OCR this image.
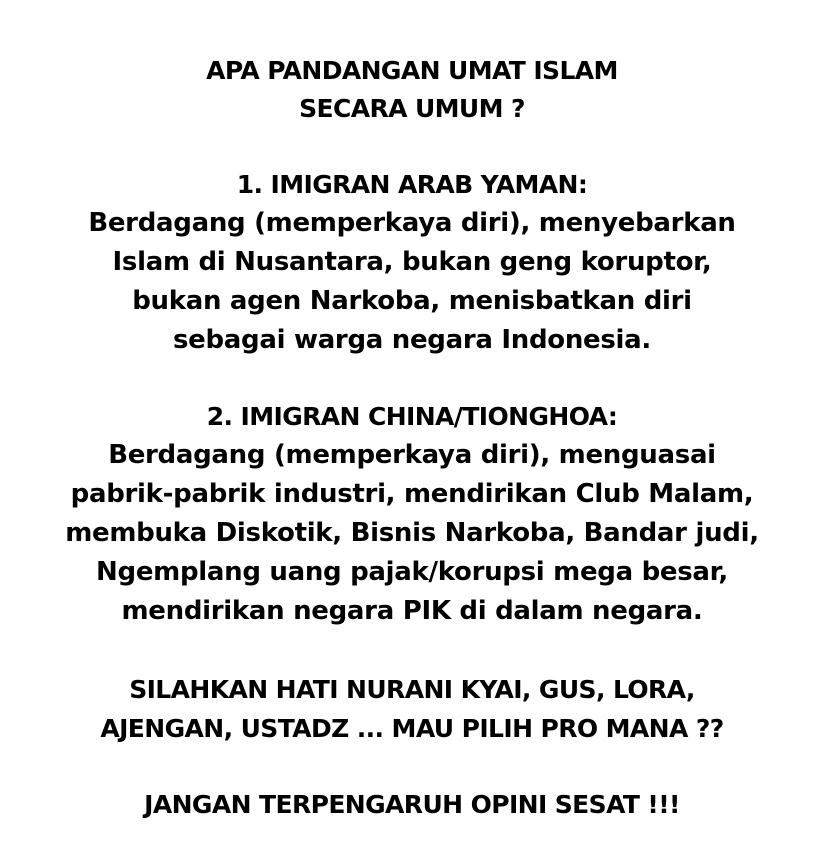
APA PANDANGAN UMAT ISLAM
SECARA UMUM ?
1. IMIGRAN ARAB YAMAN:
Berdagang (memperkaya diri), menyebarkan
Islam di Nusantara, bukan geng koruptor,
bukan agen Narkoba, menisbatkan diri
sebagai warga negara Indonesia.
2. IMIGRAN CHINA/TIONGHOA:
Berdagang (memperkaya diri), menguasai
pabrik-pabrik industri, mendirikan Club Malam,
membuka Diskotik, Bisnis Narkoba, Bandar judi,
Ngemplang uang pajak/korupsi mega besar,
mendirikan negara PIK di dalam negara.
SILAHKAN HATI NURANI KYAI, GUS, LORA,
AJENGAN, USTADZ ... MAU PILIH PRO MANA ??
JANGAN TERPENGARUH OPINI SESAT !!!
